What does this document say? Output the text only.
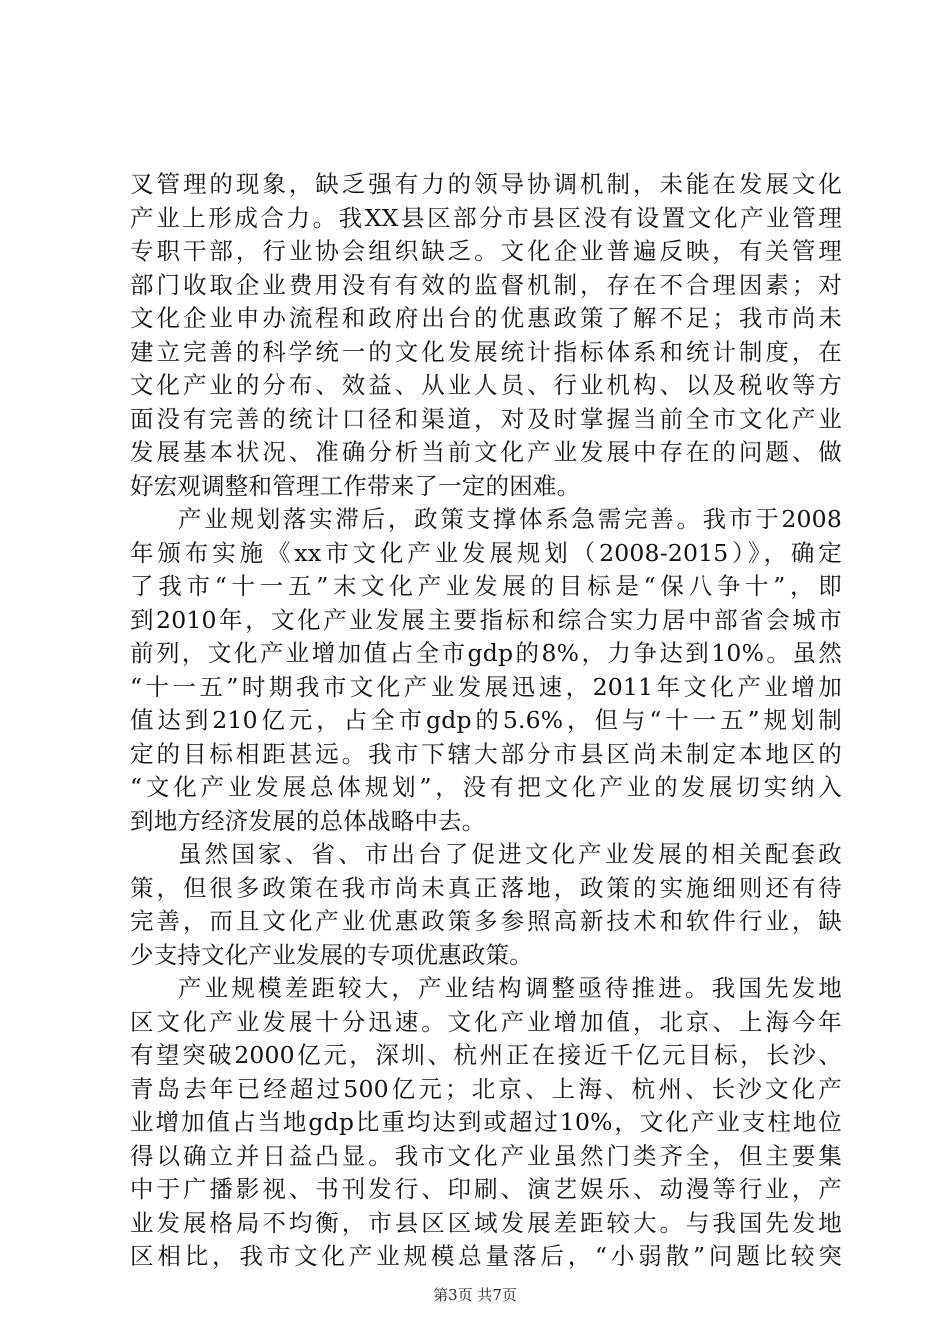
叉管理的现象，缺乏强有力的领导协调机制，未能在发展文化
产业上形成合力。我XX县区部分市县区没有设置文化产业管理
专职干部，行业协会组织缺乏。文化企业普遍反映，有关管理
部门收取企业费用没有有效的监督机制，存在不合理因素；对
文化企业申办流程和政府出台的优惠政策了解不足；我市尚未
建立完善的科学统一的文化发展统计指标体系和统计制度，在
文化产业的分布、效益、从业人员、行业机构、以及税收等方
面没有完善的统计口径和渠道，对及时掌握当前全市文化产业
发展基本状况、准确分析当前文化产业发展中存在的问题、做
好宏观调整和管理工作带来了一定的困难。
产业规划落实滞后，政策支撑体系急需完善。我市于2008
年颁布实施《xx市文化产业发展规划（2008-2015）》，确定
了我市“十一五”末文化产业发展的目标是“保八争十”，即
到2010年，文化产业发展主要指标和综合实力居中部省会城市
前列，文化产业增加值占全市gdp的8%，力争达到10%。虽然
“十一五”时期我市文化产业发展迅速，2011年文化产业增加
值达到210亿元，占全市gdp的5.6%，但与“十一五”规划制
定的目标相距甚远。我市下辖大部分市县区尚未制定本地区的
“文化产业发展总体规划”，没有把文化产业的发展切实纳入
到地方经济发展的总体战略中去。
虽然国家、省、市出台了促进文化产业发展的相关配套政
策，但很多政策在我市尚未真正落地，政策的实施细则还有待
完善，而且文化产业优惠政策多参照高新技术和软件行业，缺
少支持文化产业发展的专项优惠政策。
产业规模差距较大，产业结构调整亟待推进。我国先发地
区文化产业发展十分迅速。文化产业增加值，北京、上海今年
有望突破2000亿元，深圳、杭州正在接近千亿元目标，长沙、
青岛去年已经超过500亿元；北京、上海、杭州、长沙文化产
业增加值占当地gdp比重均达到或超过10%，文化产业支柱地位
得以确立并日益凸显。我市文化产业虽然门类齐全，但主要集
中于广播影视、书刊发行、印刷、演艺娱乐、动漫等行业，产
业发展格局不均衡，市县区区域发展差距较大。与我国先发地
区相比，我市文化产业规模总量落后，“小弱散”问题比较突
第3页 共7页
